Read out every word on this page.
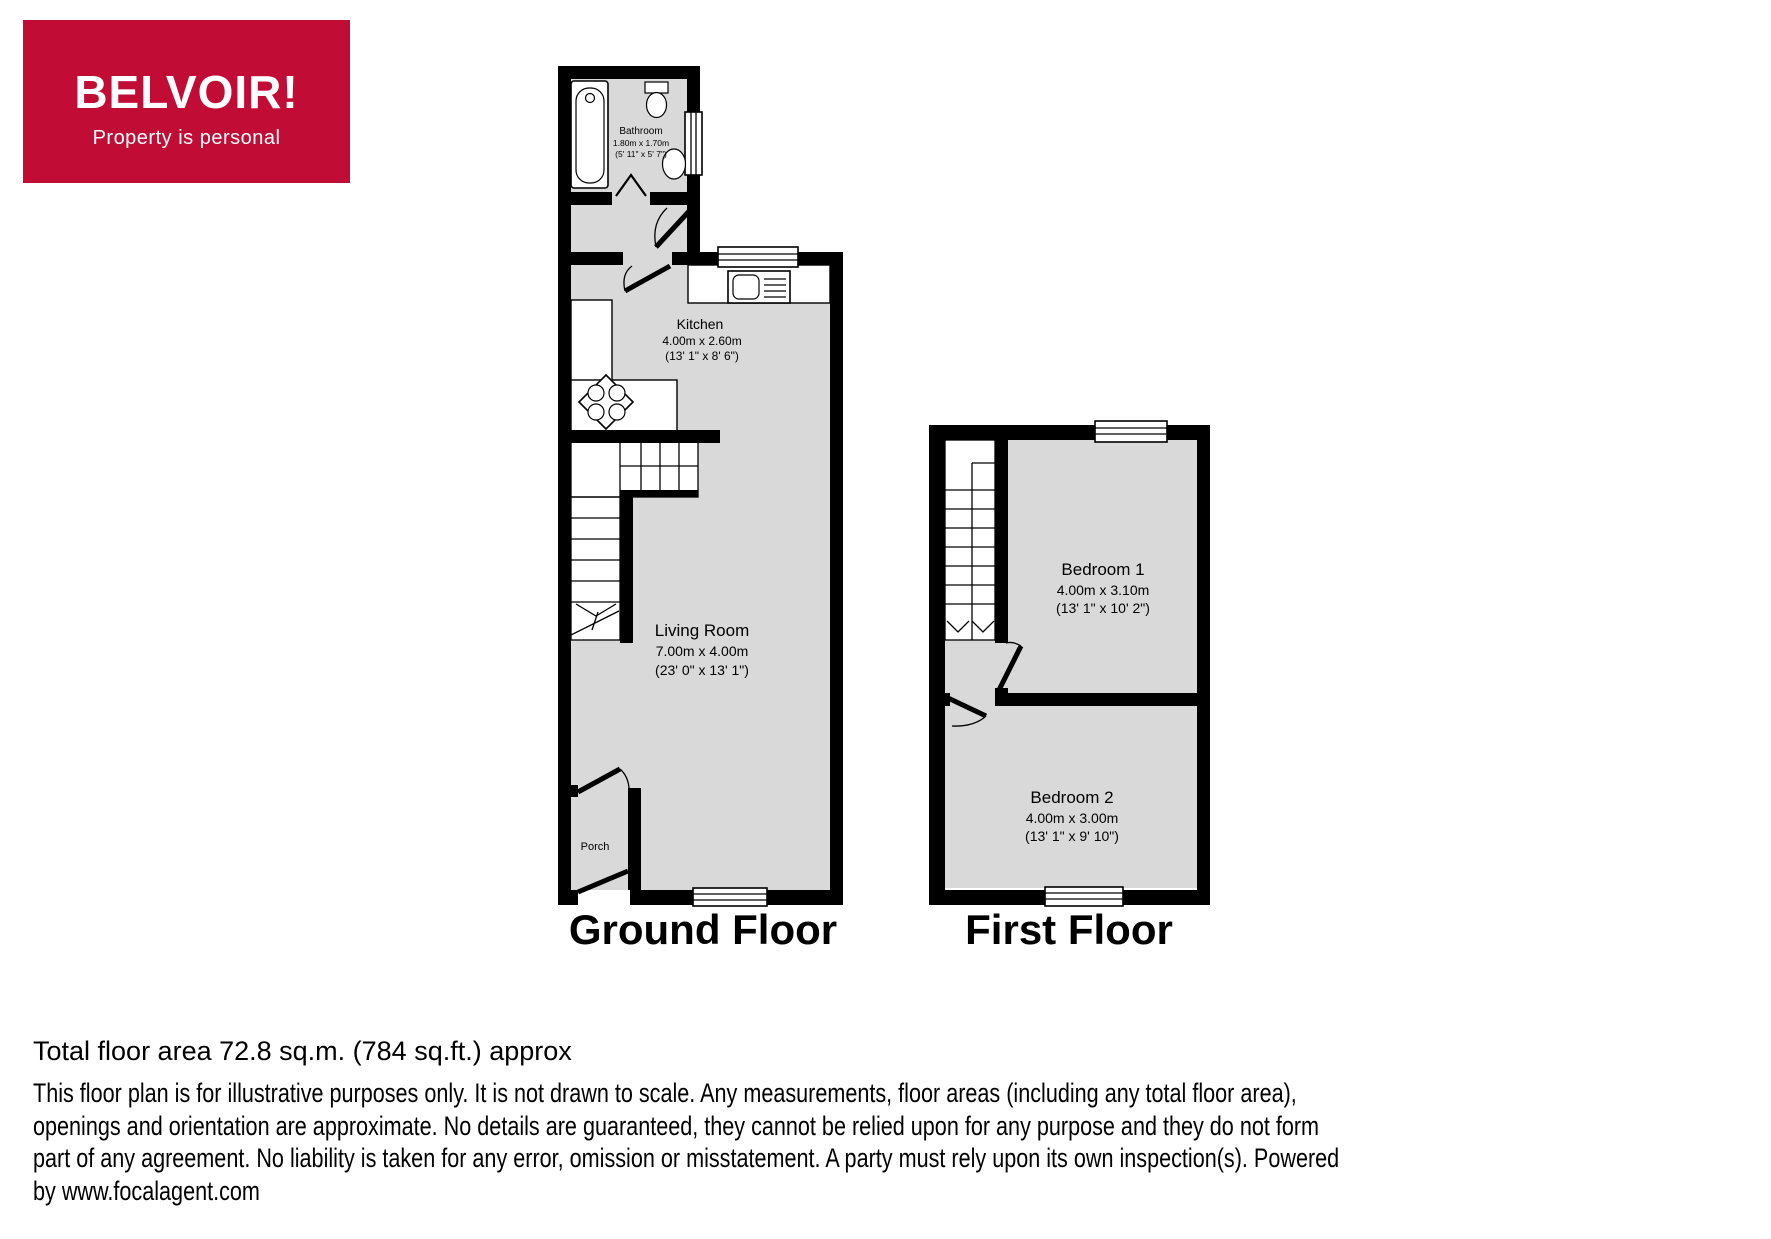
BELVOIR!
Property is personal	Bathroom
1.80m x 1.70m
(5' 11" x 5' 7")
Kitchen
4.00m x 2.60m
(13' 1" x 8' 6")
Living Room
7.00m x 4.00m
(23' 0" x 13' 1")
Porch
Ground Floor
Bedroom 1
4.00m x 3.10m
(13' 1" x 10' 2")
Bedroom 2
4.00m x 3.00m
(13' 1" x 9' 10")
First Floor
Total floor area 72.8 sq.m. (784 sq.ft.) approx
This floor plan is for illustrative purposes only. It is not drawn to scale. Any measurements, floor areas (including any total floor area),
openings and orientation are approximate. No details are guaranteed, they cannot be relied upon for any purpose and they do not form
part of any agreement. No liability is taken for any error, omission or misstatement. A party must rely upon its own inspection(s). Powered
by www.focalagent.com
